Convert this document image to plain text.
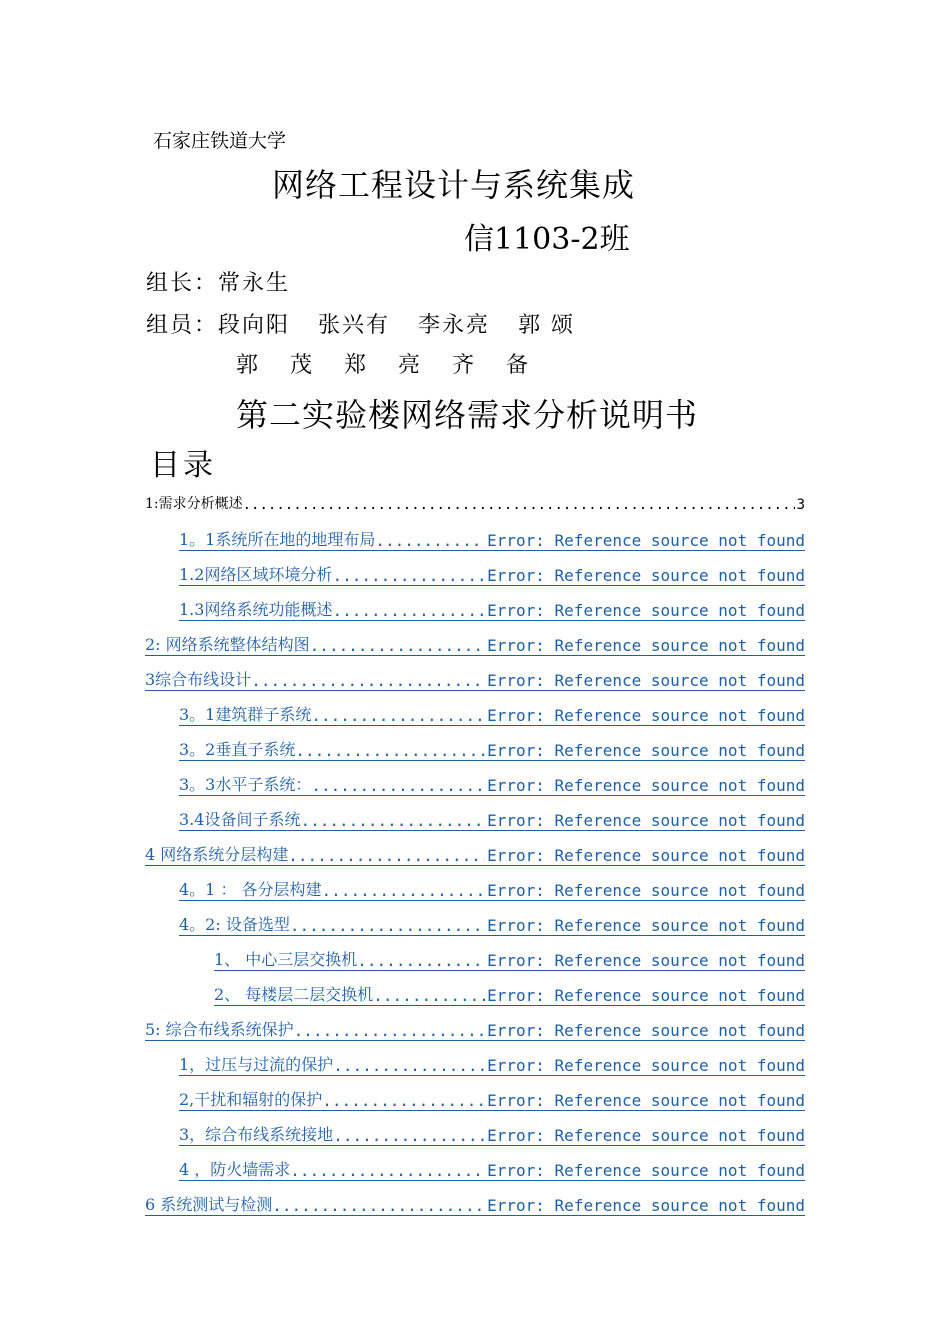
石家庄铁道大学
网络工程设计与系统集成
信1103-2班
组长：常永生
组员：段向阳 张兴有 李永亮 郭 颂
郭 茂 郑 亮 齐 备
第二实验楼网络需求分析说明书
目录
1:需求分析概述 .....	3
1。1系统所在地的地理布局 .....	Error: Reference source not found
1.2网络区域环境分析 .....	Error: Reference source not found
1.3网络系统功能概述 .....	Error: Reference source not found
2: 网络系统整体结构图 .....	Error: Reference source not found
3综合布线设计 .....	Error: Reference source not found
3。1建筑群子系统 .....	Error: Reference source not found
3。2垂直子系统 .....	Error: Reference source not found
3。3水平子系统： .....	Error: Reference source not found
3.4设备间子系统 .....	Error: Reference source not found
4 网络系统分层构建 .....	Error: Reference source not found
4。1 ： 各分层构建 .....	Error: Reference source not found
4。2: 设备选型 .....	Error: Reference source not found
1、 中心三层交换机 .....	Error: Reference source not found
2、 每楼层二层交换机 .....	Error: Reference source not found
5: 综合布线系统保护 .....	Error: Reference source not found
1，过压与过流的保护 .....	Error: Reference source not found
2,干扰和辐射的保护 .....	Error: Reference source not found
3，综合布线系统接地 .....	Error: Reference source not found
4 ，防火墙需求 .....	Error: Reference source not found
6 系统测试与检测 .....	Error: Reference source not found
